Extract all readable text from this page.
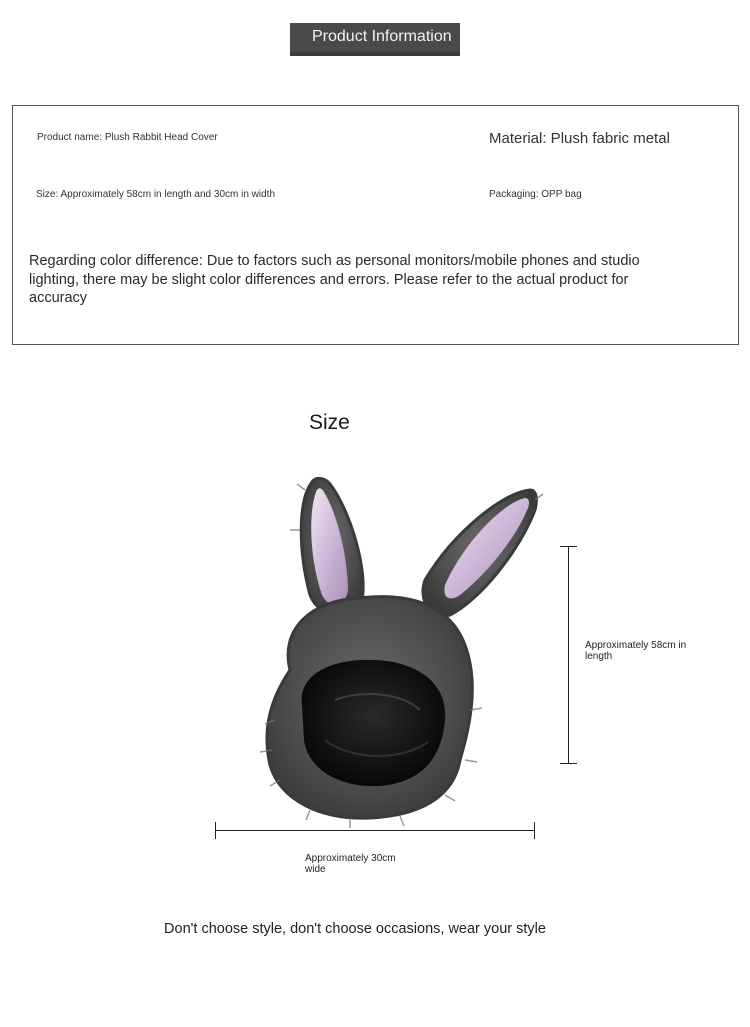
Product Information
Product name: Plush Rabbit Head Cover	Material: Plush fabric metal
Size: Approximately 58cm in length and 30cm in width	Packaging: OPP bag
Regarding color difference: Due to factors such as personal monitors/mobile phones and studio lighting, there may be slight color differences and errors. Please refer to the actual product for accuracy
Size
Approximately 58cm in length
Approximately 30cm wide
Don't choose style, don't choose occasions, wear your style
